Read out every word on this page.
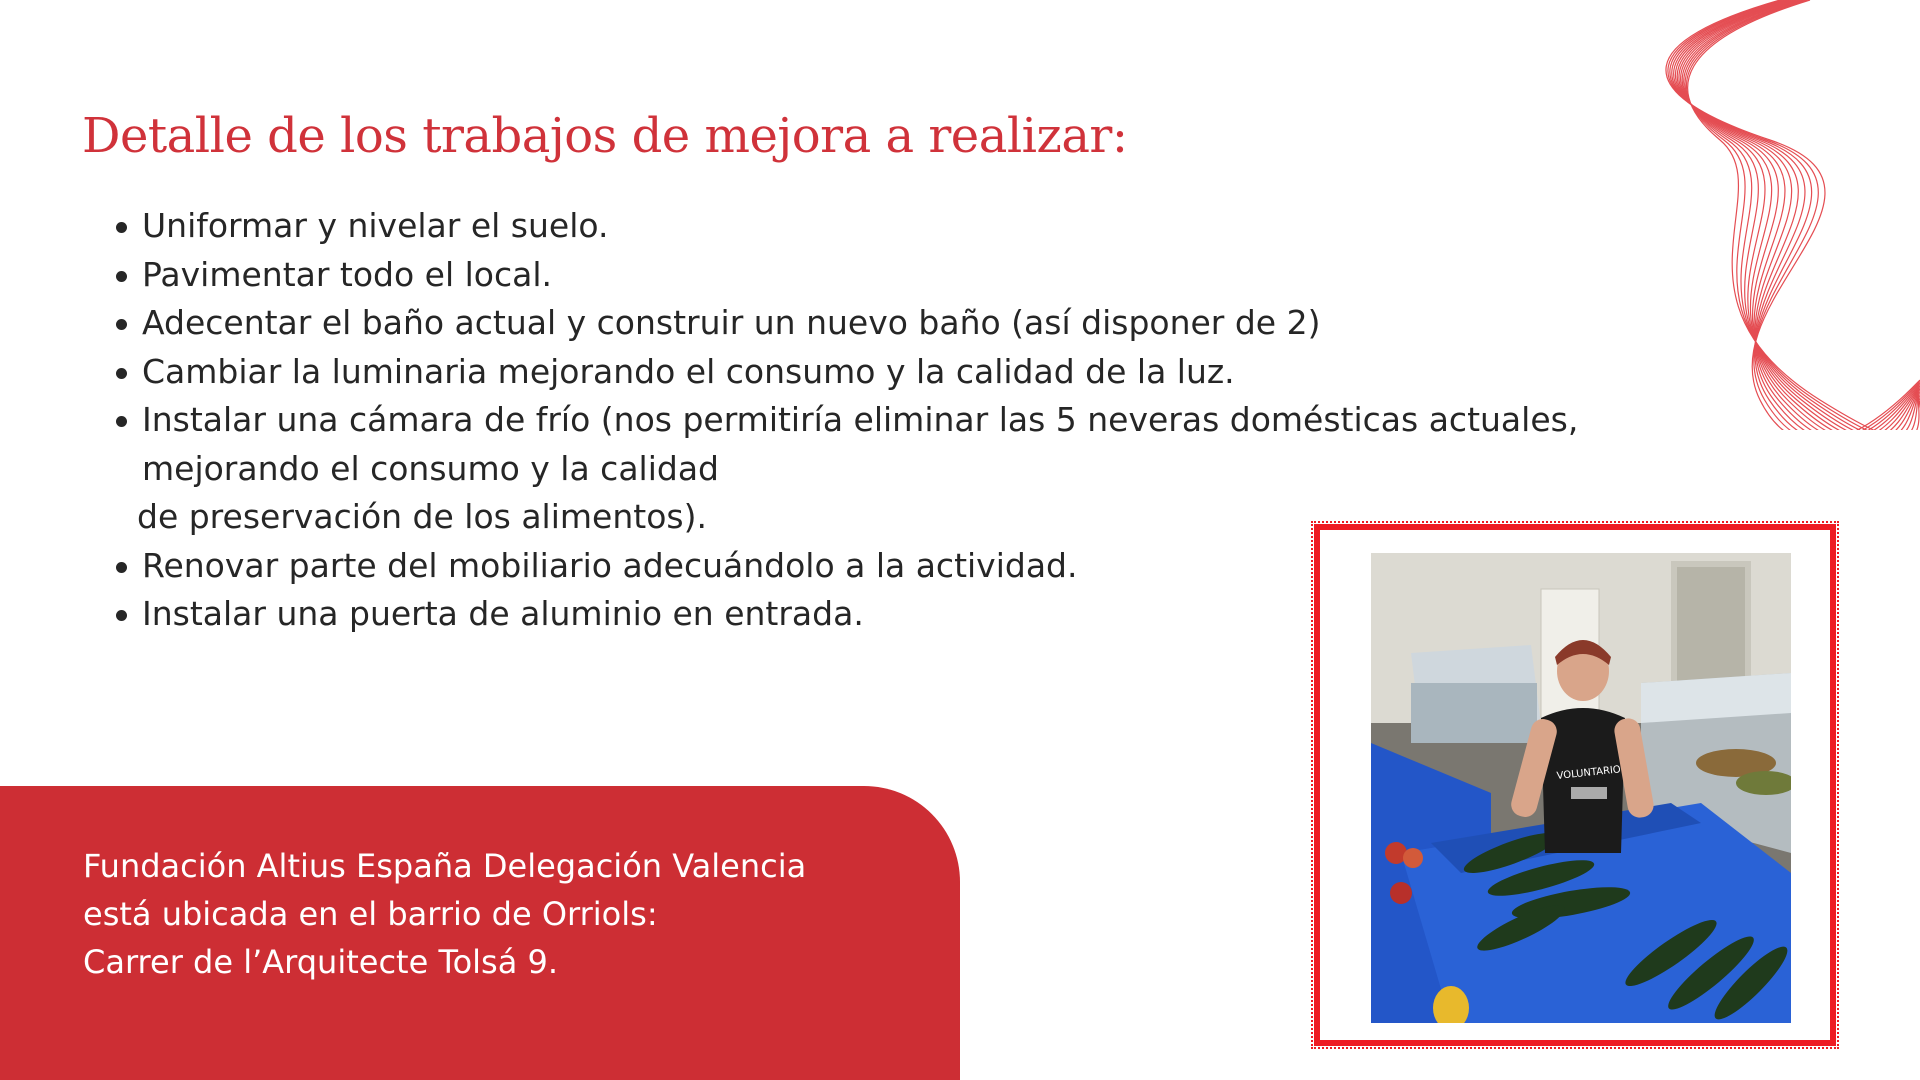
Detalle de los trabajos de mejora a realizar:
Uniformar y nivelar el suelo.
Pavimentar todo el local.
Adecentar el baño actual y construir un nuevo baño (así disponer de 2)
Cambiar la luminaria mejorando el consumo y la calidad de la luz.
Instalar una cámara de frío (nos permitiría eliminar las 5 neveras domésticas actuales,
mejorando el consumo y la calidad
de preservación de los alimentos).
Renovar parte del mobiliario adecuándolo a la actividad.
Instalar una puerta de aluminio en entrada.

Fundación Altius España Delegación Valencia
está ubicada en el barrio de Orriols:
Carrer de l’Arquitecte Tolsá 9.

VOLUNTARIO
